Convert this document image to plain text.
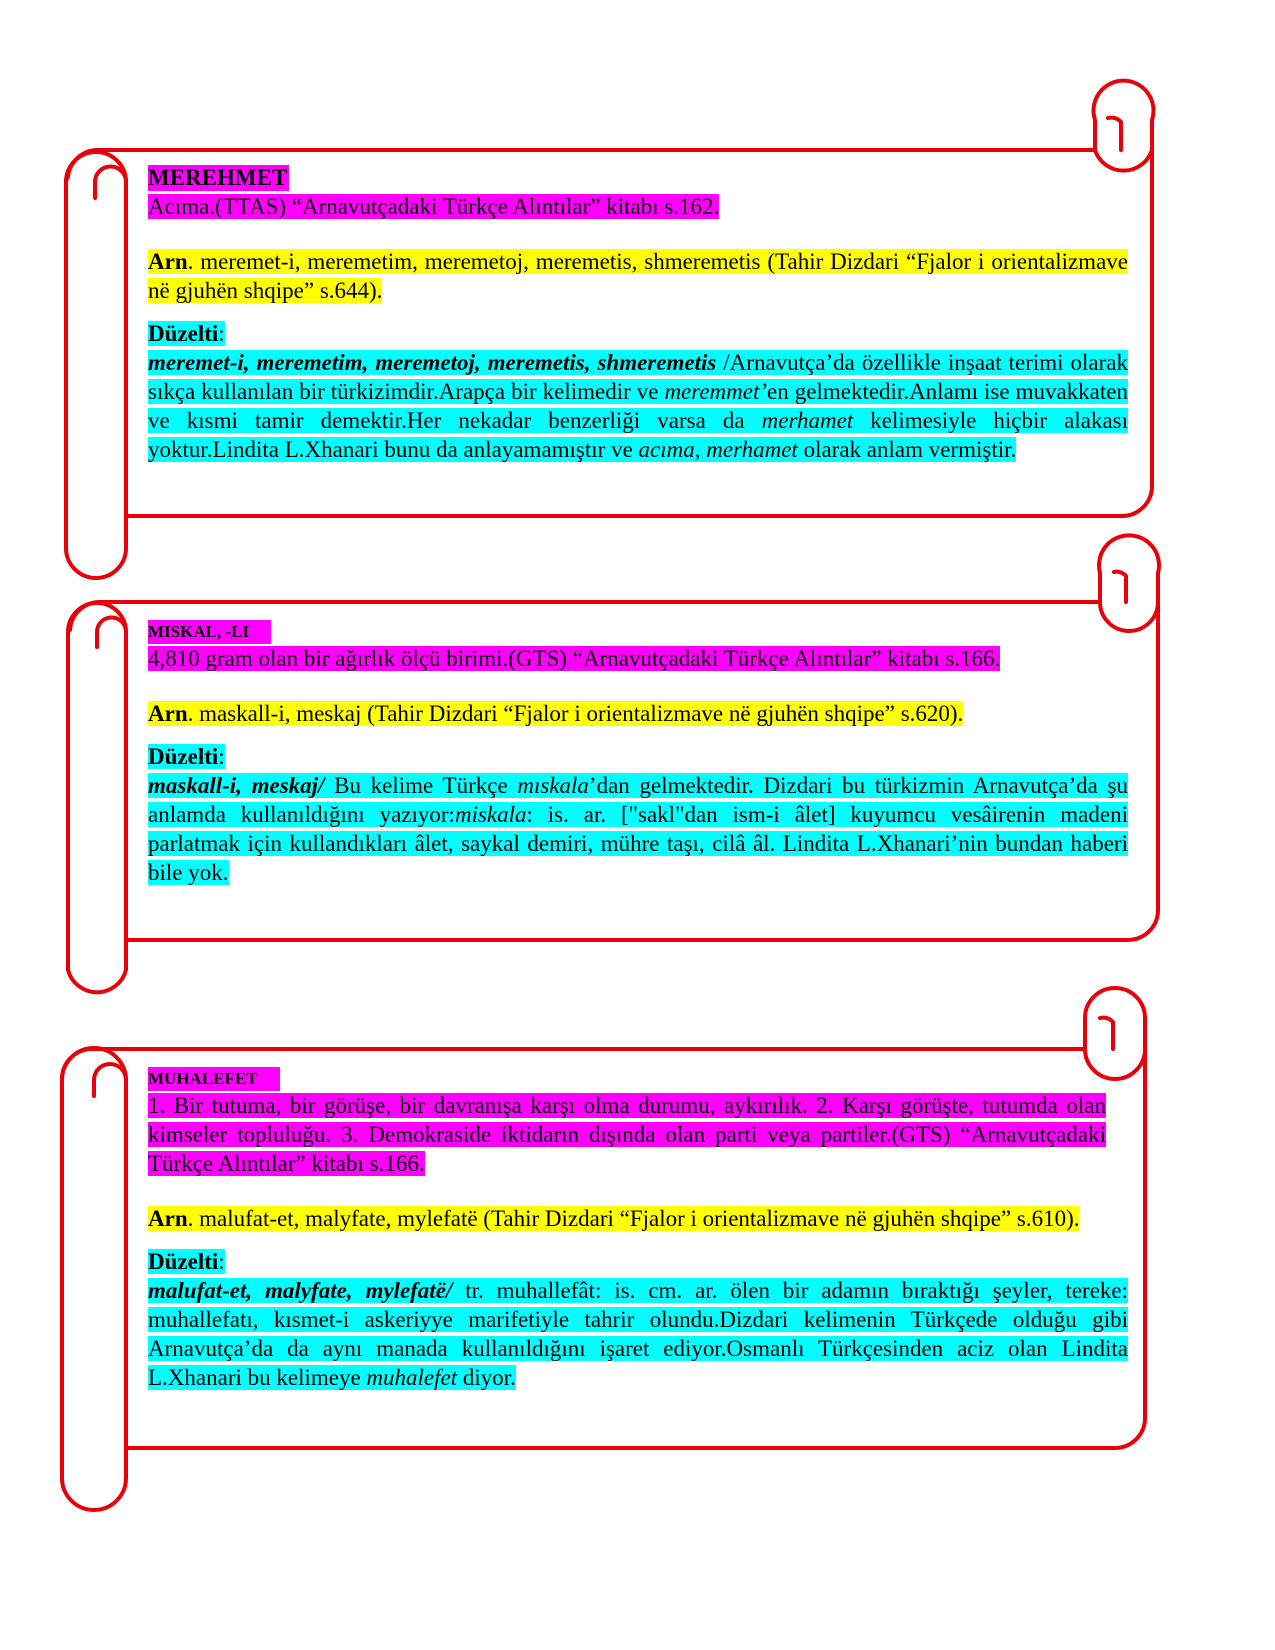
MEREHMET
Acıma.(TTAS) “Arnavutçadaki Türkçe Alıntılar” kitabı s.162.
Arn. meremet-i, meremetim, meremetoj, meremetis, shmeremetis (Tahir Dizdari “Fjalor i orientalizmave në gjuhën shqipe” s.644).
Düzelti:
meremet-i, meremetim, meremetoj, meremetis, shmeremetis /Arnavutça’da özellikle inşaat terimi olarak sıkça kullanılan bir türkizimdir.Arapça bir kelimedir ve meremmet’en gelmektedir.Anlamı ise muvakkaten ve kısmi tamir demektir.Her nekadar benzerliği varsa da merhamet kelimesiyle hiçbir alakası yoktur.Lindita L.Xhanari bunu da anlayamamıştır ve acıma, merhamet olarak anlam vermiştir.
MISKAL, -LI
4,810 gram olan bir ağırlık ölçü birimi.(GTS) “Arnavutçadaki Türkçe Alıntılar” kitabı s.166.
Arn. maskall-i, meskaj (Tahir Dizdari “Fjalor i orientalizmave në gjuhën shqipe” s.620).
Düzelti:
maskall-i, meskaj/ Bu kelime Türkçe mıskala’dan gelmektedir. Dizdari bu türkizmin Arnavutça’da şu anlamda kullanıldığını yazıyor:miskala: is. ar. ["sakl"dan ism-i âlet] kuyumcu vesâirenin madeni parlatmak için kullandıkları âlet, saykal demiri, mühre taşı, cilâ âl. Lindita L.Xhanari’nin bundan haberi bile yok.
MUHALEFET
1. Bir tutuma, bir görüşe, bir davranışa karşı olma durumu, aykırılık. 2. Karşı görüşte, tutumda olan kimseler topluluğu. 3. Demokraside iktidarın dışında olan parti veya partiler.(GTS) “Arnavutçadaki Türkçe Alıntılar” kitabı s.166.
Arn. malufat-et, malyfate, mylefatë (Tahir Dizdari “Fjalor i orientalizmave në gjuhën shqipe” s.610).
Düzelti:
malufat-et, malyfate, mylefatë/ tr. muhallefât: is. cm. ar. ölen bir adamın bıraktığı şeyler, tereke: muhallefatı, kısmet-i askeriyye marifetiyle tahrir olundu.Dizdari kelimenin Türkçede olduğu gibi Arnavutça’da da aynı manada kullanıldığını işaret ediyor.Osmanlı Türkçesinden aciz olan Lindita L.Xhanari bu kelimeye muhalefet diyor.
